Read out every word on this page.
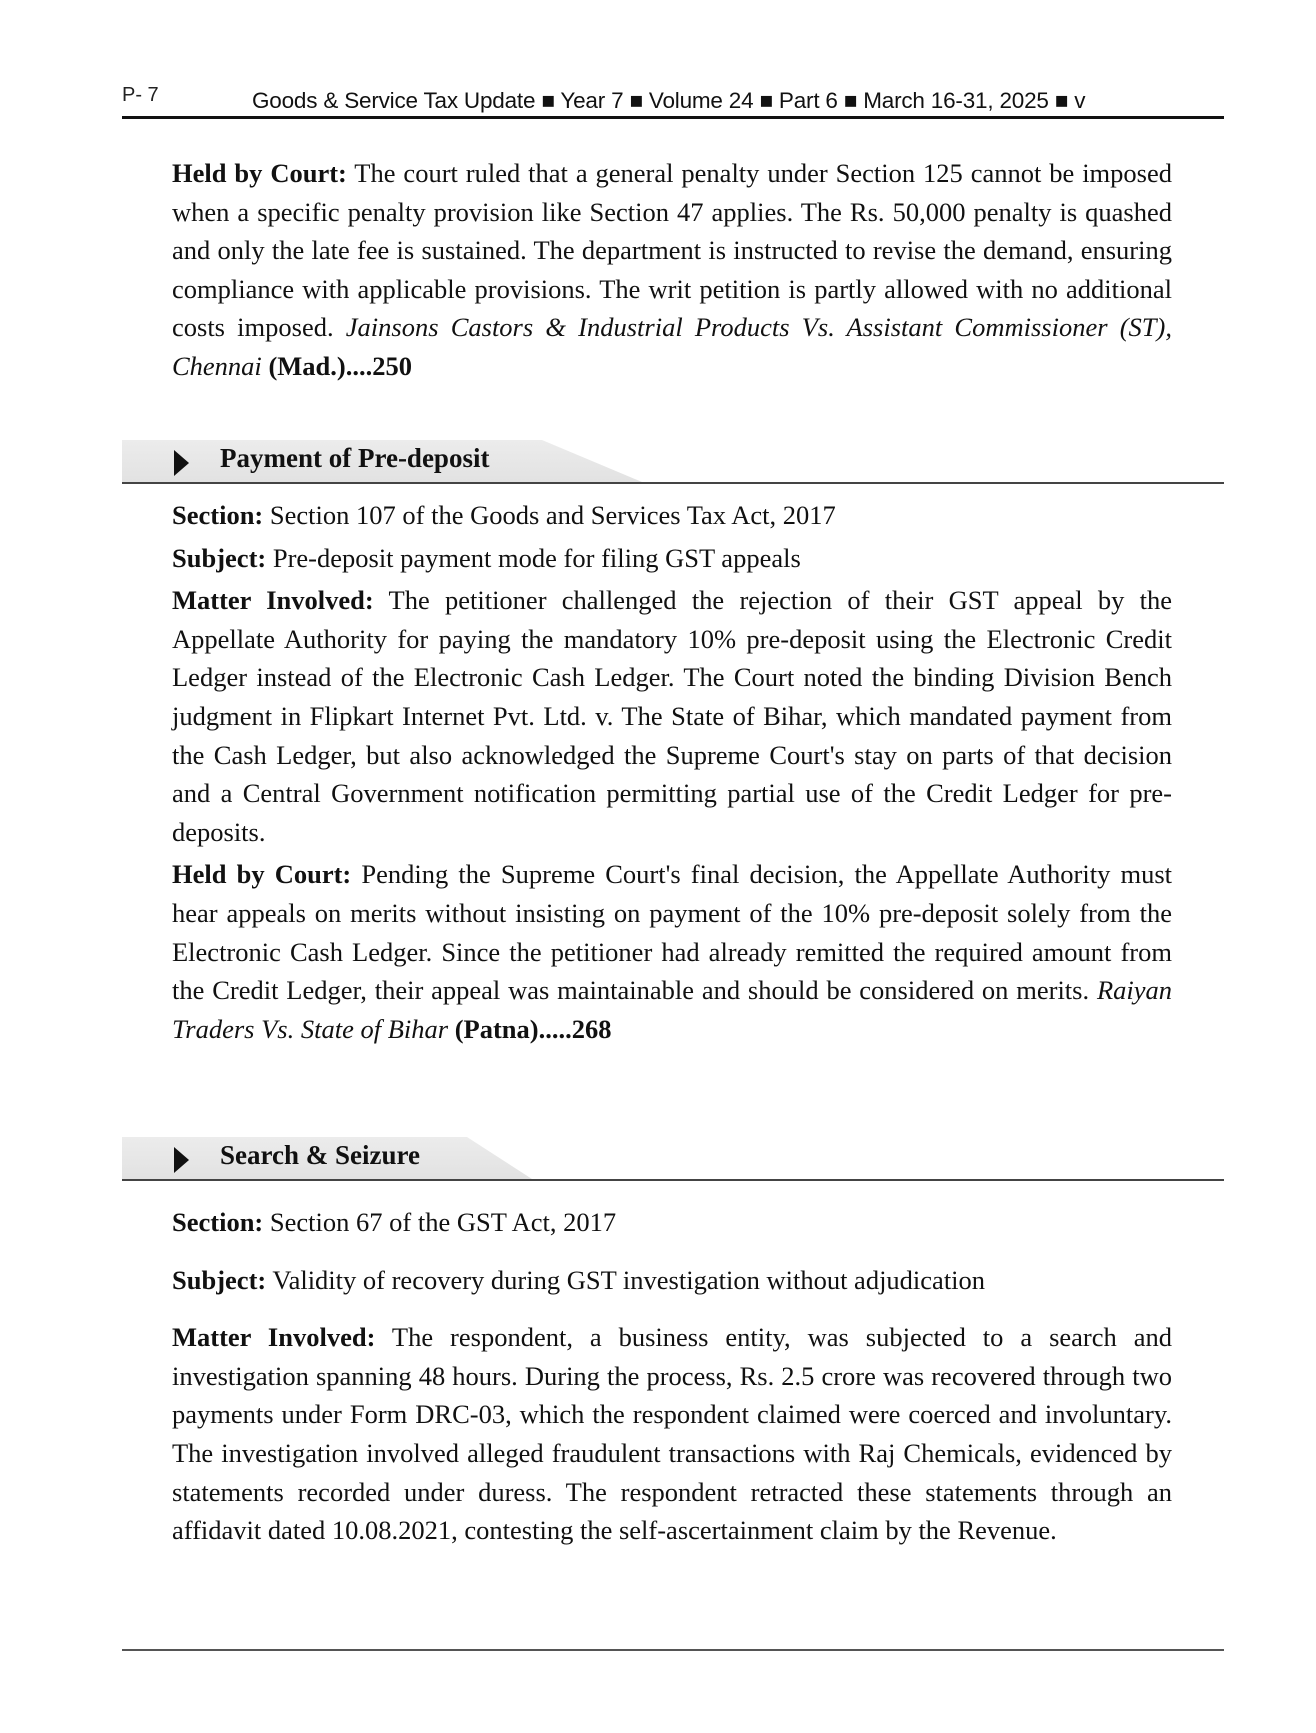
P- 7	Goods & Service Tax Update ■ Year 7 ■ Volume 24 ■ Part 6 ■ March 16-31, 2025 ■ v

Held by Court: The court ruled that a general penalty under Section 125 cannot be imposed when a specific penalty provision like Section 47 applies. The Rs. 50,000 penalty is quashed and only the late fee is sustained. The department is instructed to revise the demand, ensuring compliance with applicable provisions. The writ petition is partly allowed with no additional costs imposed. Jainsons Castors & Industrial Products Vs. Assistant Commissioner (ST), Chennai (Mad.)....250

Payment of Pre-deposit

Section: Section 107 of the Goods and Services Tax Act, 2017

Subject: Pre-deposit payment mode for filing GST appeals

Matter Involved: The petitioner challenged the rejection of their GST appeal by the Appellate Authority for paying the mandatory 10% pre-deposit using the Electronic Credit Ledger instead of the Electronic Cash Ledger. The Court noted the binding Division Bench judgment in Flipkart Internet Pvt. Ltd. v. The State of Bihar, which mandated payment from the Cash Ledger, but also acknowledged the Supreme Court's stay on parts of that decision and a Central Government notification permitting partial use of the Credit Ledger for pre-deposits.

Held by Court: Pending the Supreme Court's final decision, the Appellate Authority must hear appeals on merits without insisting on payment of the 10% pre-deposit solely from the Electronic Cash Ledger. Since the petitioner had already remitted the required amount from the Credit Ledger, their appeal was maintainable and should be considered on merits. Raiyan Traders Vs. State of Bihar (Patna).....268

Search & Seizure

Section: Section 67 of the GST Act, 2017

Subject: Validity of recovery during GST investigation without adjudication

Matter Involved: The respondent, a business entity, was subjected to a search and investigation spanning 48 hours. During the process, Rs. 2.5 crore was recovered through two payments under Form DRC-03, which the respondent claimed were coerced and involuntary. The investigation involved alleged fraudulent transactions with Raj Chemicals, evidenced by statements recorded under duress. The respondent retracted these statements through an affidavit dated 10.08.2021, contesting the self-ascertainment claim by the Revenue.
